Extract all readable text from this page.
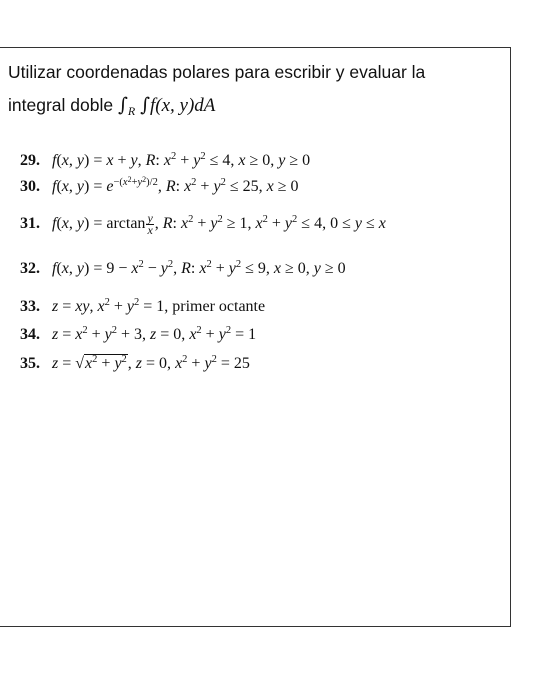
Utilizar coordenadas polares para escribir y evaluar la
integral doble $\int_R$ ∫f(x, y)dA
29. f(x, y) = x + y, R: $x^2 + y^2 \le 4$, x ≥ 0, y ≥ 0
30. f(x, $y) = e^{-(x^2+y^2)/2}$, R: $x^2 + y^2 \le 25$, x ≥ 0
31. f(x, $y) = \arctan \frac{y}{x}$ , R: $x^2 + y^2 \ge 1$, $x^2 + y^2 \le 4$, 0 ≤ y ≤ x
32. f(x, $y) = 9 - x^2 - y^2$, R: $x^2 + y^2 \le 9$, x ≥ 0, y ≥ 0
33. z = xy, $x^2 + y^2 = 1$, primer octante
34. $z = x^2 + y^2 + 3$, z = 0, $x^2 + y^2 = 1$
35. $z = √x^2 + y^2$, z = 0, $x^2 + y^2 = 25$
